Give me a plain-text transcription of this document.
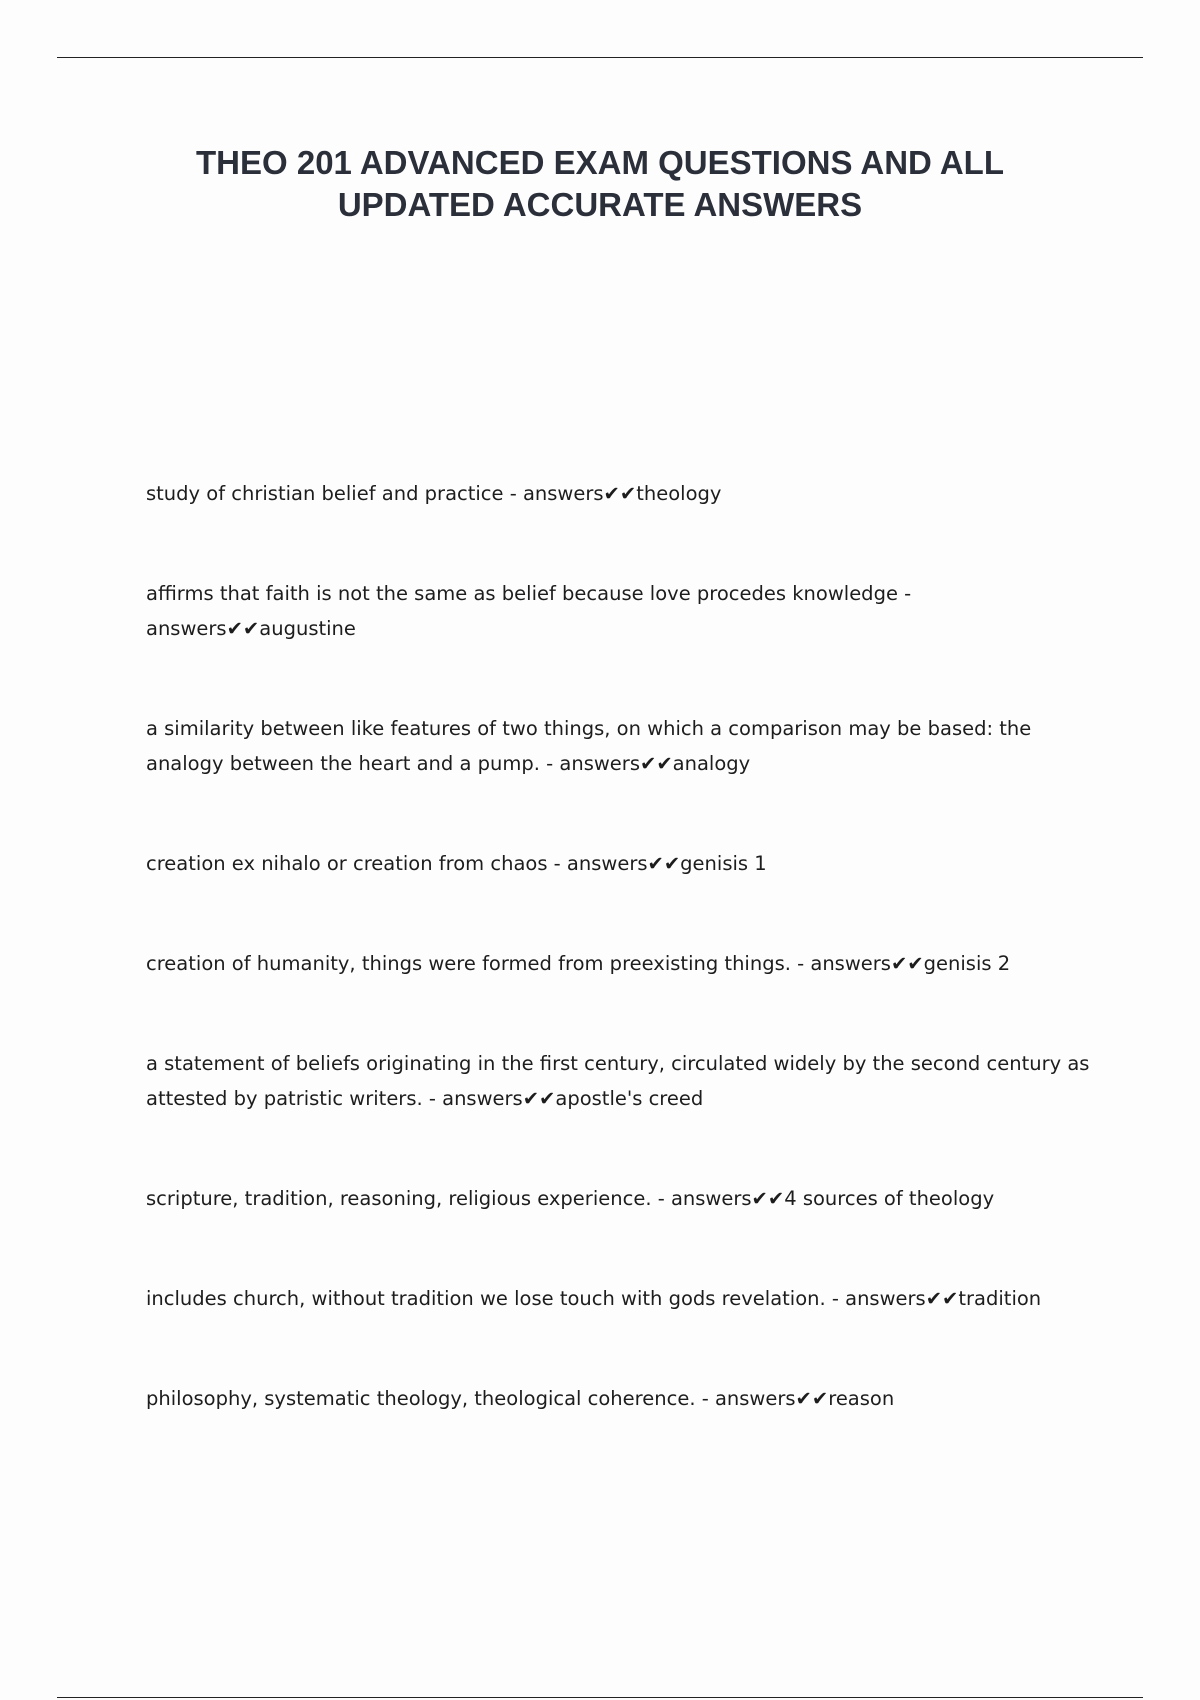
THEO 201 ADVANCED EXAM QUESTIONS AND ALL
UPDATED ACCURATE ANSWERS
study of christian belief and practice - answers✔✔theology
affirms that faith is not the same as belief because love procedes knowledge - answers✔✔augustine
a similarity between like features of two things, on which a comparison may be based: the analogy between the heart and a pump. - answers✔✔analogy
creation ex nihalo or creation from chaos - answers✔✔genisis 1
creation of humanity, things were formed from preexisting things. - answers✔✔genisis 2
a statement of beliefs originating in the first century, circulated widely by the second century as attested by patristic writers. - answers✔✔apostle's creed
scripture, tradition, reasoning, religious experience. - answers✔✔4 sources of theology
includes church, without tradition we lose touch with gods revelation. - answers✔✔tradition
philosophy, systematic theology, theological coherence. - answers✔✔reason
